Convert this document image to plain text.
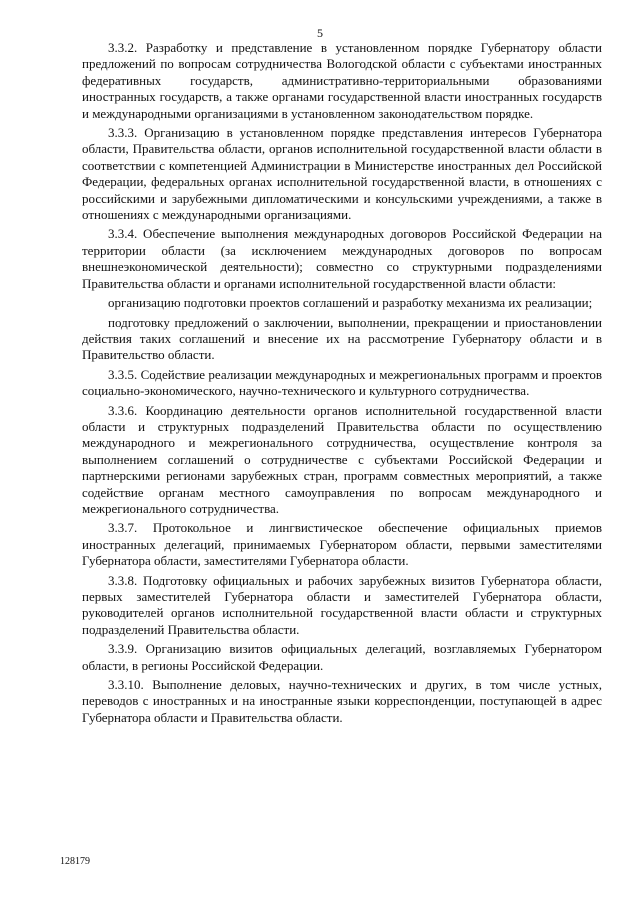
5

3.3.2. Разработку и представление в установленном порядке Губернатору области предложений по вопросам сотрудничества Вологодской области с субъектами иностранных федеративных государств, административно-территориальными образованиями иностранных государств, а также органами государственной власти иностранных государств и международными организациями в установленном законодательством порядке.

3.3.3. Организацию в установленном порядке представления интересов Губернатора области, Правительства области, органов исполнительной государственной власти области в соответствии с компетенцией Администрации в Министерстве иностранных дел Российской Федерации, федеральных органах исполнительной государственной власти, в отношениях с российскими и зарубежными дипломатическими и консульскими учреждениями, а также в отношениях с международными организациями.

3.3.4. Обеспечение выполнения международных договоров Российской Федерации на территории области (за исключением международных договоров по вопросам внешнеэкономической деятельности); совместно со структурными подразделениями Правительства области и органами исполнительной государственной власти области:

организацию подготовки проектов соглашений и разработку механизма их реализации;

подготовку предложений о заключении, выполнении, прекращении и приостановлении действия таких соглашений и внесение их на рассмотрение Губернатору области и в Правительство области.

3.3.5. Содействие реализации международных и межрегиональных программ и проектов социально-экономического, научно-технического и культурного сотрудничества.

3.3.6. Координацию деятельности органов исполнительной государственной власти области и структурных подразделений Правительства области по осуществлению международного и межрегионального сотрудничества, осуществление контроля за выполнением соглашений о сотрудничестве с субъектами Российской Федерации и партнерскими регионами зарубежных стран, программ совместных мероприятий, а также содействие органам местного самоуправления по вопросам международного и межрегионального сотрудничества.

3.3.7. Протокольное и лингвистическое обеспечение официальных приемов иностранных делегаций, принимаемых Губернатором области, первыми заместителями Губернатора области, заместителями Губернатора области.

3.3.8. Подготовку официальных и рабочих зарубежных визитов Губернатора области, первых заместителей Губернатора области и заместителей Губернатора области, руководителей органов исполнительной государственной власти области и структурных подразделений Правительства области.

3.3.9. Организацию визитов официальных делегаций, возглавляемых Губернатором области, в регионы Российской Федерации.

3.3.10. Выполнение деловых, научно-технических и других, в том числе устных, переводов с иностранных и на иностранные языки корреспонденции, поступающей в адрес Губернатора области и Правительства области.

128179
